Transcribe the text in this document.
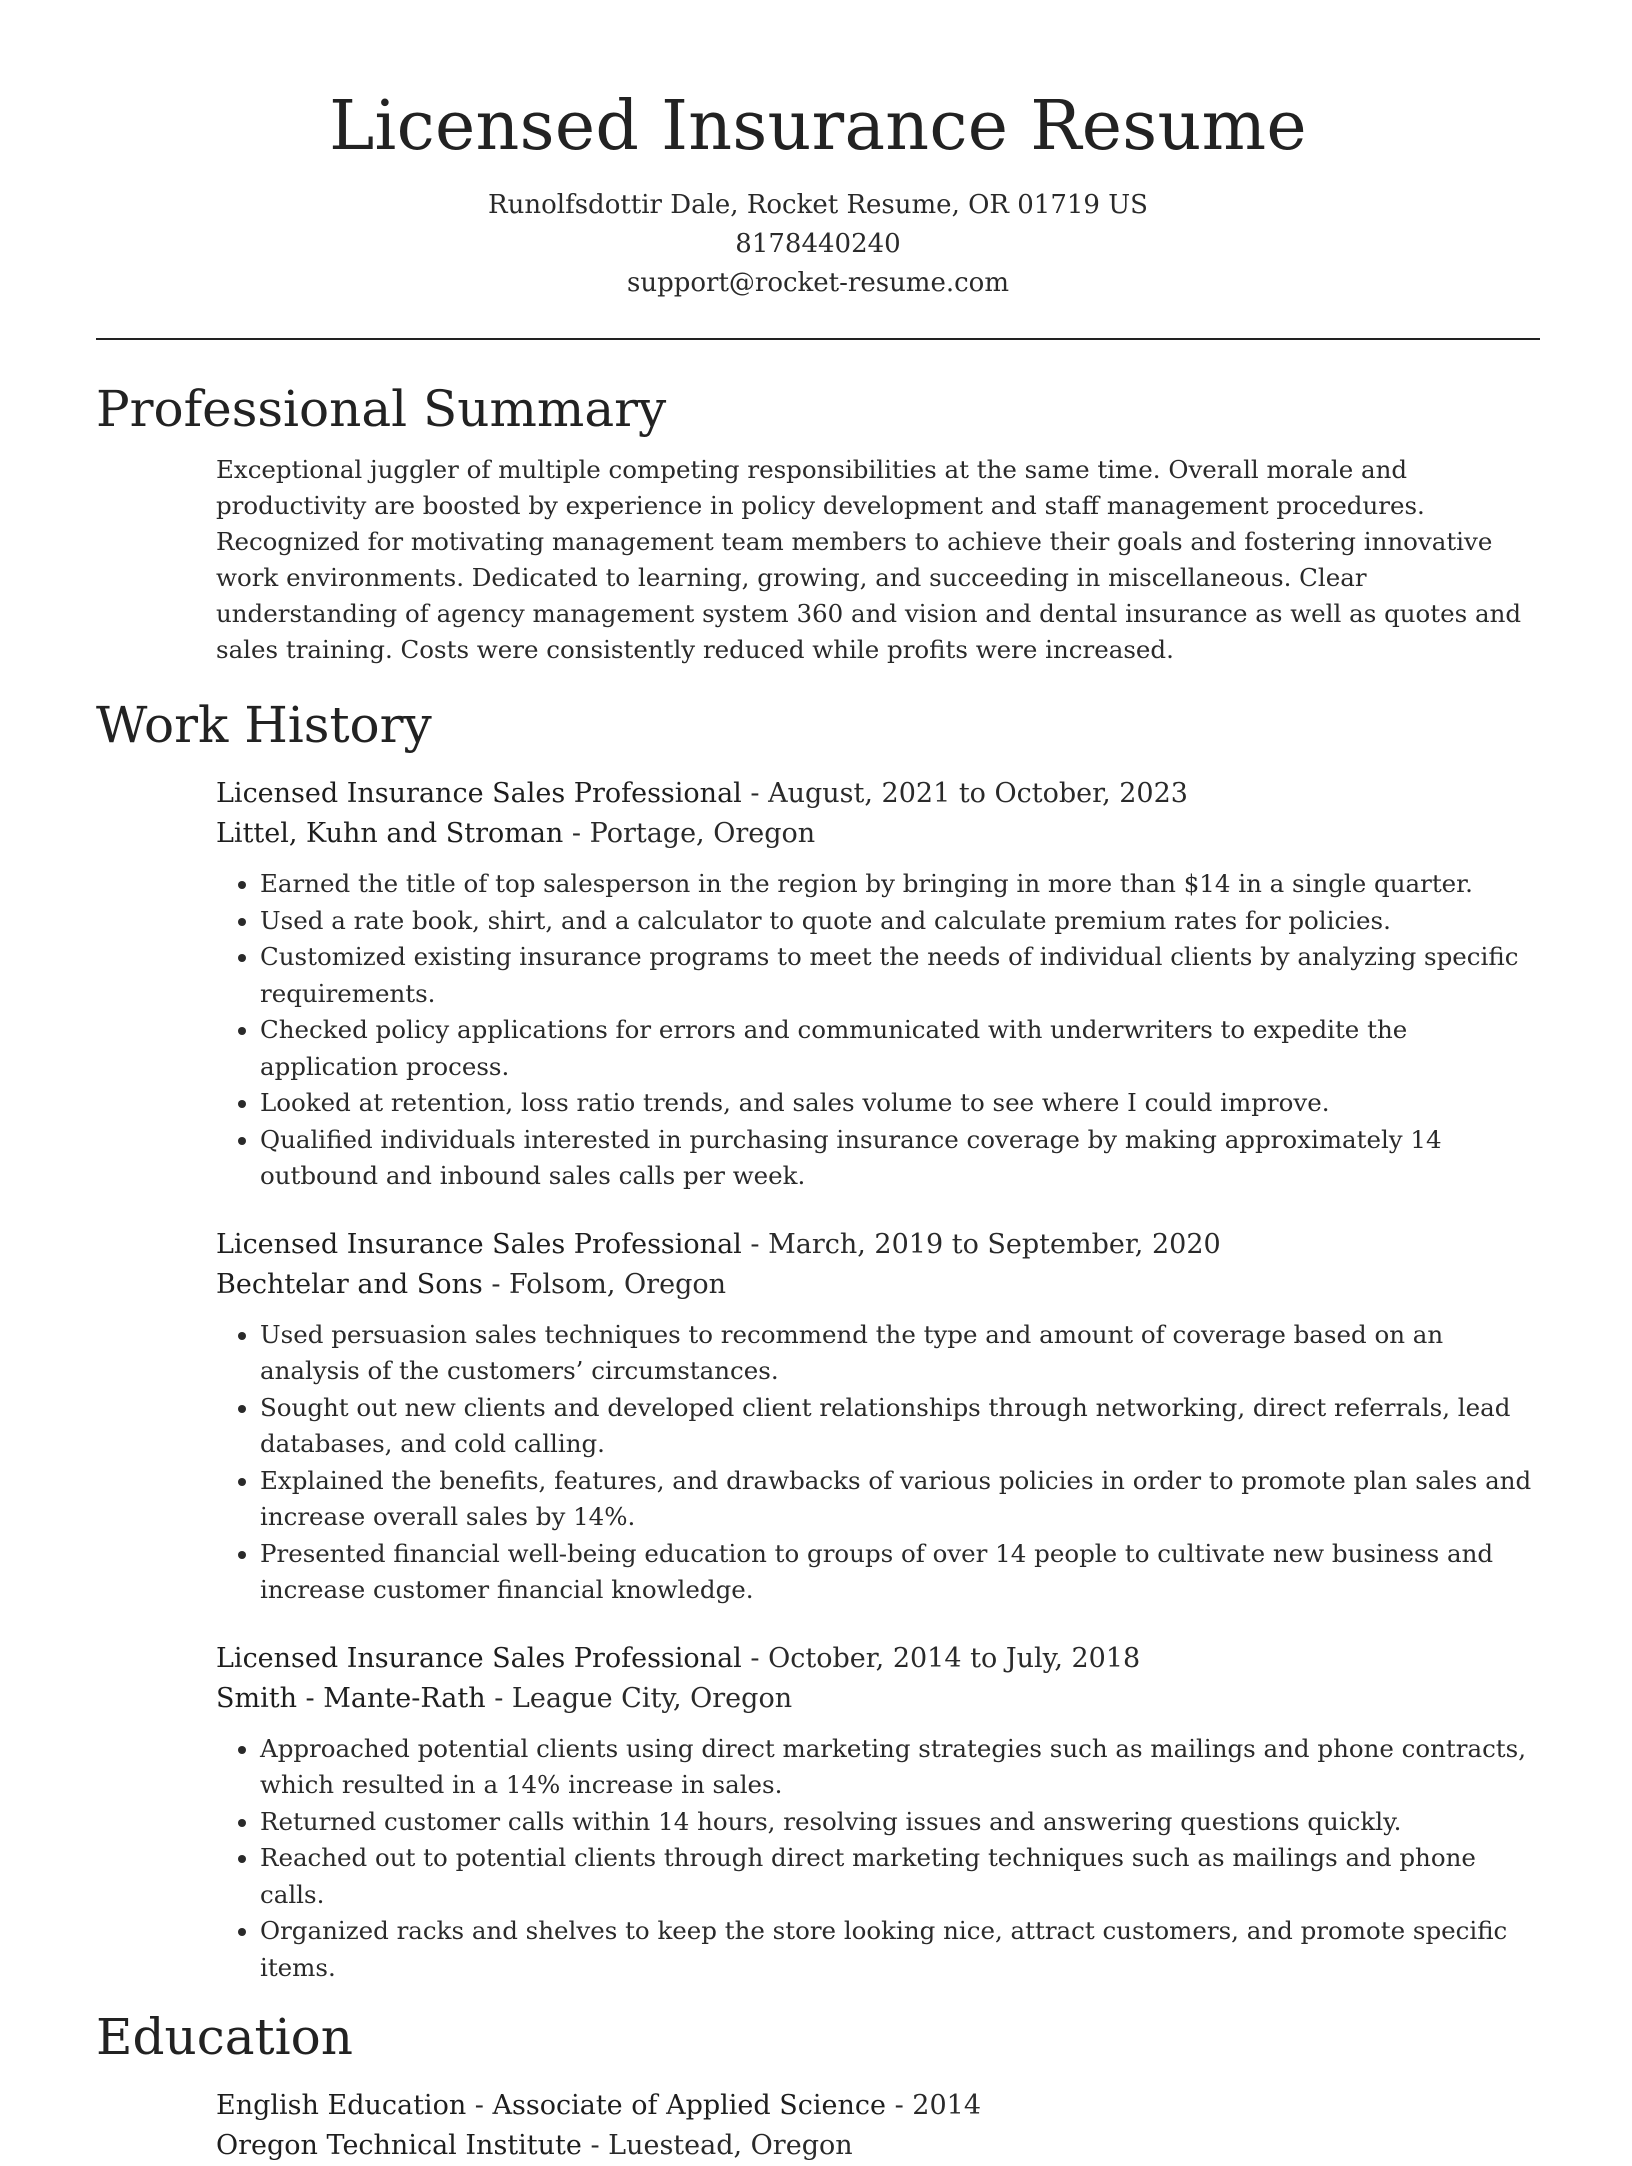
Licensed Insurance Resume
Runolfsdottir Dale, Rocket Resume, OR 01719 US
8178440240
support@rocket-resume.com
Professional Summary

Exceptional juggler of multiple competing responsibilities at the same time. Overall morale and productivity are boosted by experience in policy development and staff management procedures. Recognized for motivating management team members to achieve their goals and fostering innovative work environments. Dedicated to learning, growing, and succeeding in miscellaneous. Clear understanding of agency management system 360 and vision and dental insurance as well as quotes and sales training. Costs were consistently reduced while profits were increased.

Work History
Licensed Insurance Sales Professional - August, 2021 to October, 2023
Littel, Kuhn and Stroman - Portage, Oregon
• Earned the title of top salesperson in the region by bringing in more than $14 in a single quarter.
• Used a rate book, shirt, and a calculator to quote and calculate premium rates for policies.
• Customized existing insurance programs to meet the needs of individual clients by analyzing specific requirements.
• Checked policy applications for errors and communicated with underwriters to expedite the application process.
• Looked at retention, loss ratio trends, and sales volume to see where I could improve.
• Qualified individuals interested in purchasing insurance coverage by making approximately 14 outbound and inbound sales calls per week.
Licensed Insurance Sales Professional - March, 2019 to September, 2020
Bechtelar and Sons - Folsom, Oregon
• Used persuasion sales techniques to recommend the type and amount of coverage based on an analysis of the customers’ circumstances.
• Sought out new clients and developed client relationships through networking, direct referrals, lead databases, and cold calling.
• Explained the benefits, features, and drawbacks of various policies in order to promote plan sales and increase overall sales by 14%.
• Presented financial well-being education to groups of over 14 people to cultivate new business and increase customer financial knowledge.
Licensed Insurance Sales Professional - October, 2014 to July, 2018
Smith - Mante-Rath - League City, Oregon
• Approached potential clients using direct marketing strategies such as mailings and phone contracts, which resulted in a 14% increase in sales.
• Returned customer calls within 14 hours, resolving issues and answering questions quickly.
• Reached out to potential clients through direct marketing techniques such as mailings and phone calls.
• Organized racks and shelves to keep the store looking nice, attract customers, and promote specific items.
Education
English Education - Associate of Applied Science - 2014
Oregon Technical Institute - Luestead, Oregon
